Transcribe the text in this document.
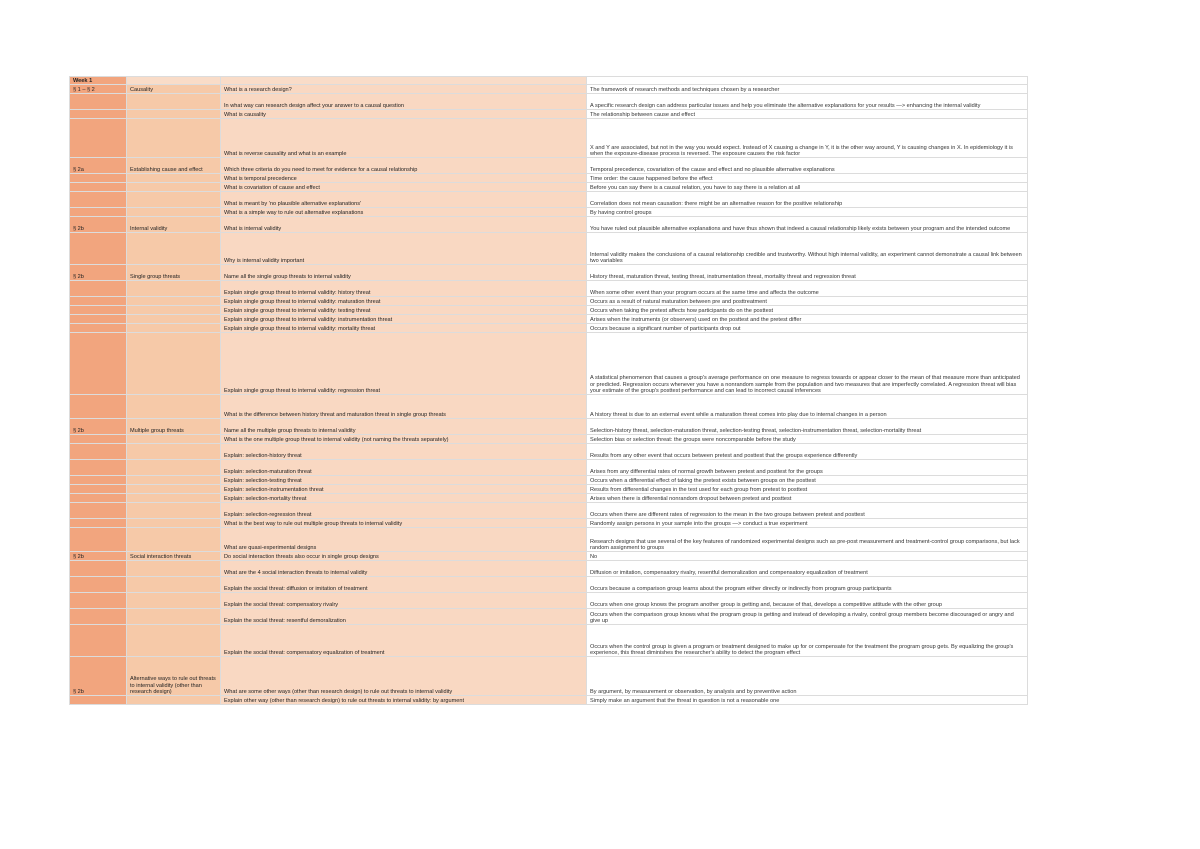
Week 1			
§ 1 – § 2	Causality	What is a research design?	The framework of research methods and techniques chosen by a researcher
		In what way can research design affect your answer to a causal question	A specific research design can address particular issues and help you eliminate the alternative explanations for your results —> enhancing the internal validity
		What is causality	The relationship between cause and effect
		What is reverse causality and what is an example	X and Y are associated, but not in the way you would expect. Instead of X causing a change in Y, it is the other way around, Y is causing changes in X. In epidemiology it is when the exposure-disease process is reversed. The exposure causes the risk factor
§ 2a	Establishing cause and effect	Which three criteria do you need to meet for evidence for a causal relationship	Temporal precedence, covariation of the cause and effect and no plausible alternative explanations
		What is temporal precedence	Time order: the cause happened before the effect
		What is covariation of cause and effect	Before you can say there is a causal relation, you have to say there is a relation at all
		What is meant by 'no plausible alternative explanations'	Correlation does not mean causation: there might be an alternative reason for the positive relationship
		What is a simple way to rule out alternative explanations	By having control groups
§ 2b	Internal validity	What is internal validity	You have ruled out plausible alternative explanations and have thus shown that indeed a causal relationship likely exists between your program and the intended outcome
		Why is internal validity important	Internal validity makes the conclusions of a causal relationship credible and trustworthy. Without high internal validity, an experiment cannot demonstrate a causal link between two variables
§ 2b	Single group threats	Name all the single group threats to internal validity	History threat, maturation threat, testing threat, instrumentation threat, mortality threat and regression threat
		Explain single group threat to internal validity: history threat	When some other event than your program occurs at the same time and affects the outcome
		Explain single group threat to internal validity: maturation threat	Occurs as a result of natural maturation between pre and posttreatment
		Explain single group threat to internal validity: testing threat	Occurs when taking the pretest affects how participants do on the posttest
		Explain single group threat to internal validity: instrumentation threat	Arises when the instruments (or observers) used on the posttest and the pretest differ
		Explain single group threat to internal validity: mortality threat	Occurs because a significant number of participants drop out
		Explain single group threat to internal validity: regression threat	A statistical phenomenon that causes a group's average performance on one measure to regress towards or appear closer to the mean of that measure more than anticipated or predicted. Regression occurs whenever you have a nonrandom sample from the population and two measures that are imperfectly correlated. A regression threat will bias your estimate of the group's posttest performance and can lead to incorrect causal inferences
		What is the difference between history threat and maturation threat in single group threats	A history threat is due to an external event while a maturation threat comes into play due to internal changes in a person
§ 2b	Multiple group threats	Name all the multiple group threats to internal validity	Selection-history threat, selection-maturation threat, selection-testing threat, selection-instrumentation threat, selection-mortality threat
		What is the one multiple group threat to internal validity (not naming the threats separately)	Selection bias or selection threat: the groups were noncomparable before the study
		Explain: selection-history threat	Results from any other event that occurs between pretest and posttest that the groups experience differently
		Explain: selection-maturation threat	Arises from any differential rates of normal growth between pretest and posttest for the groups
		Explain: selection-testing threat	Occurs when a differential effect of taking the pretest exists between groups on the posttest
		Explain: selection-instrumentation threat	Results from differential changes in the test used for each group from pretest to posttest
		Explain: selection-mortality threat	Arises when there is differential nonrandom dropout between pretest and posttest
		Explain: selection-regression threat	Occurs when there are different rates of regression to the mean in the two groups between pretest and posttest
		What is the best way to rule out multiple group threats to internal validity	Randomly assign persons in your sample into the groups —> conduct a true experiment
		What are quasi-experimental designs	Research designs that use several of the key features of randomized experimental designs such as pre-post measurement and treatment-control group comparisons, but lack random assignment to groups
§ 2b	Social interaction threats	Do social interaction threats also occur in single group designs	No
		What are the 4 social interaction threats to internal validity	Diffusion or imitation, compensatory rivalry, resentful demoralization and compensatory equalization of treatment
		Explain the social threat: diffusion or imitation of treatment	Occurs because a comparison group learns about the program either directly or indirectly from program group participants
		Explain the social threat: compensatory rivalry	Occurs when one group knows the program another group is getting and, because of that, develops a competitive attitude with the other group
		Explain the social threat: resentful demoralization	Occurs when the comparison group knows what the program group is getting and instead of developing a rivalry, control group members become discouraged or angry and give up
		Explain the social threat: compensatory equalization of treatment	Occurs when the control group is given a program or treatment designed to make up for or compensate for the treatment the program group gets. By equalizing the group's experience, this threat diminishes the researcher's ability to detect the program effect
§ 2b	Alternative ways to rule out threats to internal validity (other than research design)	What are some other ways (other than research design) to rule out threats to internal validity	By argument, by measurement or observation, by analysis and by preventive action
		Explain other way (other than research design) to rule out threats to internal validity: by argument	Simply make an argument that the threat in question is not a reasonable one
